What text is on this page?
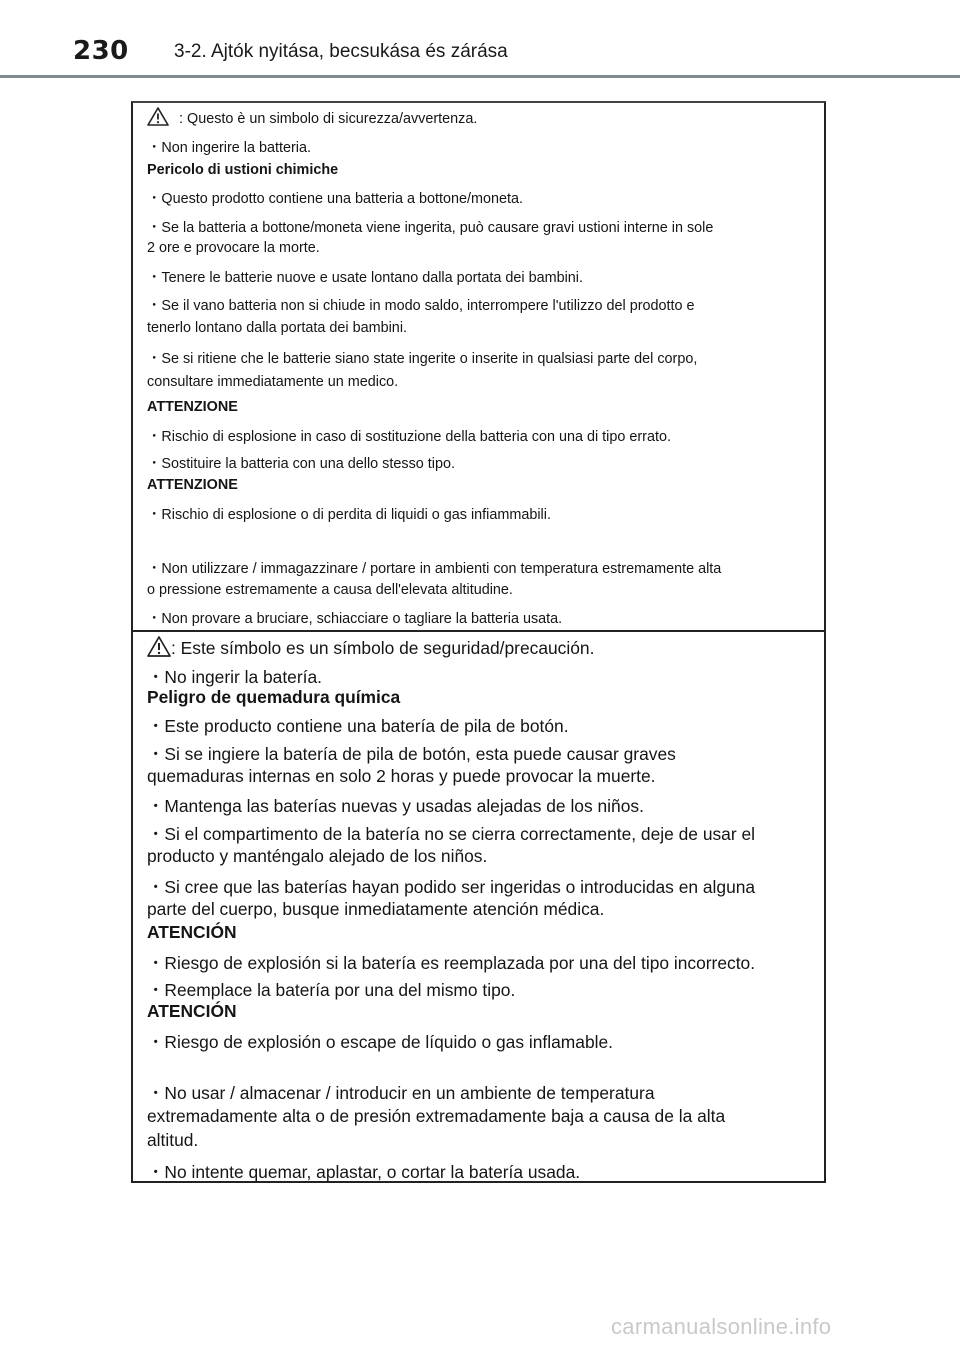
230 3-2. Ajtók nyitása, becsukása és zárása
: Questo è un simbolo di sicurezza/avvertenza.
・Non ingerire la batteria.
Pericolo di ustioni chimiche
・Questo prodotto contiene una batteria a bottone/moneta.
・Se la batteria a bottone/moneta viene ingerita, può causare gravi ustioni interne in sole
2 ore e provocare la morte.
・Tenere le batterie nuove e usate lontano dalla portata dei bambini.
・Se il vano batteria non si chiude in modo saldo, interrompere l'utilizzo del prodotto e
tenerlo lontano dalla portata dei bambini.
・Se si ritiene che le batterie siano state ingerite o inserite in qualsiasi parte del corpo,
consultare immediatamente un medico.
ATTENZIONE
・Rischio di esplosione in caso di sostituzione della batteria con una di tipo errato.
・Sostituire la batteria con una dello stesso tipo.
ATTENZIONE
・Rischio di esplosione o di perdita di liquidi o gas infiammabili.
・Non utilizzare / immagazzinare / portare in ambienti con temperatura estremamente alta
o pressione estremamente a causa dell'elevata altitudine.
・Non provare a bruciare, schiacciare o tagliare la batteria usata.
: Este símbolo es un símbolo de seguridad/precaución.
・No ingerir la batería.
Peligro de quemadura química
・Este producto contiene una batería de pila de botón.
・Si se ingiere la batería de pila de botón, esta puede causar graves
quemaduras internas en solo 2 horas y puede provocar la muerte.
・Mantenga las baterías nuevas y usadas alejadas de los niños.
・Si el compartimento de la batería no se cierra correctamente, deje de usar el
producto y manténgalo alejado de los niños.
・Si cree que las baterías hayan podido ser ingeridas o introducidas en alguna
parte del cuerpo, busque inmediatamente atención médica.
ATENCIÓN
・Riesgo de explosión si la batería es reemplazada por una del tipo incorrecto.
・Reemplace la batería por una del mismo tipo.
ATENCIÓN
・Riesgo de explosión o escape de líquido o gas inflamable.
・No usar / almacenar / introducir en un ambiente de temperatura
extremadamente alta o de presión extremadamente baja a causa de la alta
altitud.
・No intente quemar, aplastar, o cortar la batería usada.
carmanualsonline.info
